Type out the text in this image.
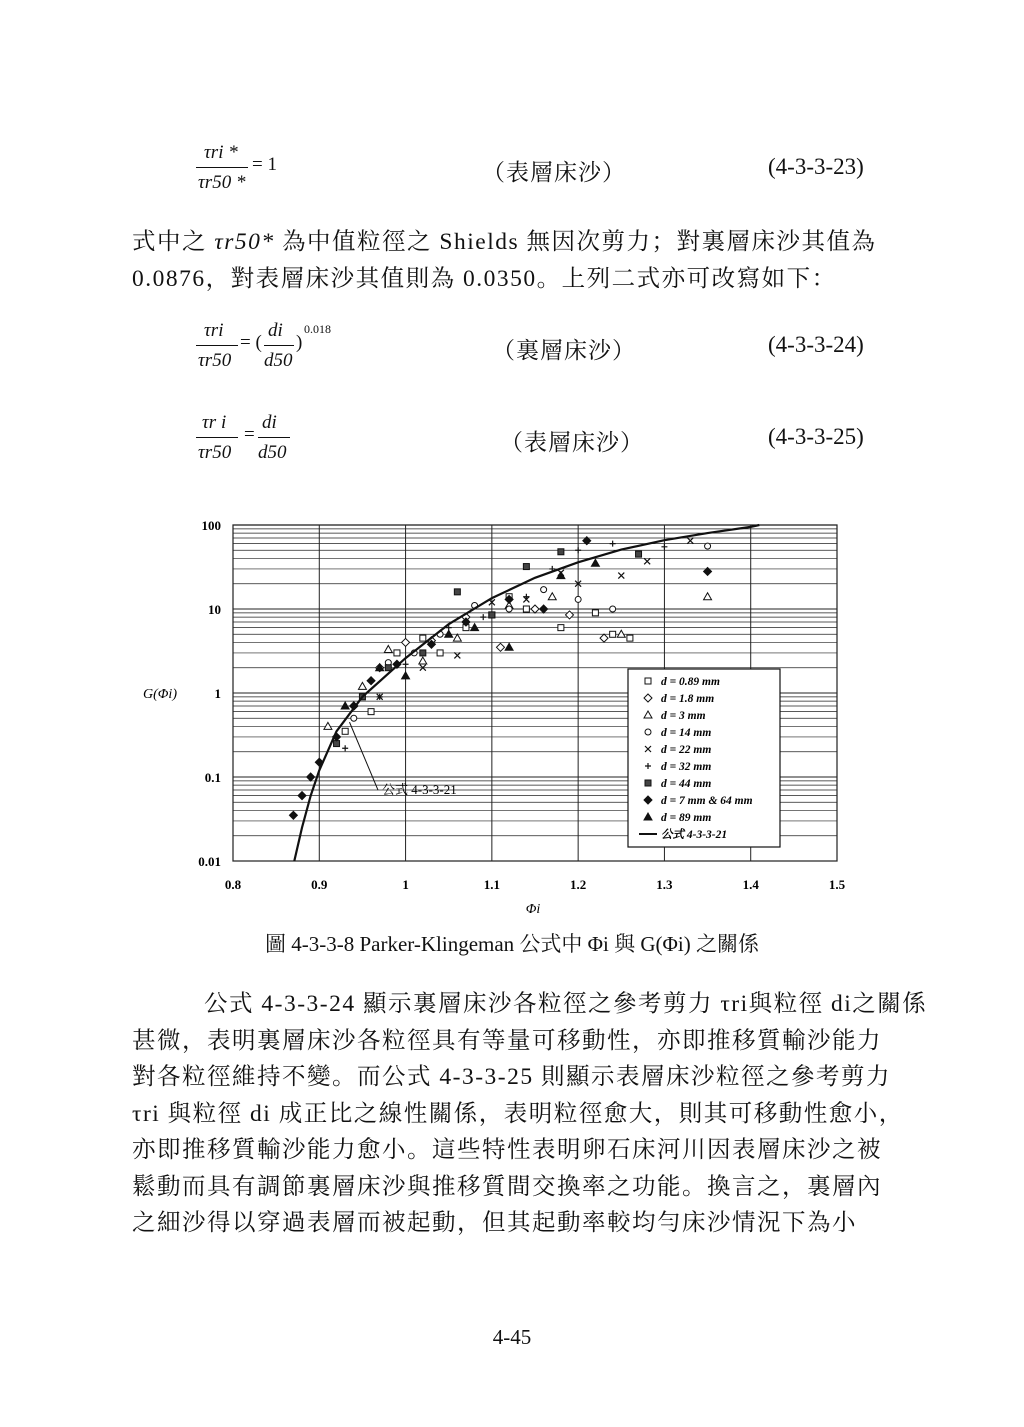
τri *
τr50 *
= 1	（表層床沙）	(4-3-3-23)
式中之 τr50* 為中值粒徑之 Shields 無因次剪力；對裏層床沙其值為
0.0876，對表層床沙其值則為 0.0350。上列二式亦可改寫如下：
τri
τr50
= (
di
d50
)
0.018
（裏層床沙）	(4-3-3-24)
τr i
τr50
=
di
d50	（表層床沙）	(4-3-3-25)
0.01
0.1
1
10
100
0.8	0.9	1	1.1	1.2	1.3	1.4	1.5
Φi
G(Φi)
公式 4-3-3-21
d = 0.89 mm
d = 1.8 mm
d = 3 mm
d = 14 mm
d = 22 mm
d = 32 mm
d = 44 mm
d = 7 mm & 64 mm
d = 89 mm
公式 4-3-3-21
圖 4-3-3-8 Parker-Klingeman 公式中 Φi 與 G(Φi) 之關係
公式 4-3-3-24 顯示裏層床沙各粒徑之參考剪力 τri與粒徑 di之關係
甚微，表明裏層床沙各粒徑具有等量可移動性，亦即推移質輸沙能力
對各粒徑維持不變。而公式 4-3-3-25 則顯示表層床沙粒徑之參考剪力
τri 與粒徑 di 成正比之線性關係，表明粒徑愈大，則其可移動性愈小，
亦即推移質輸沙能力愈小。這些特性表明卵石床河川因表層床沙之被
鬆動而具有調節裏層床沙與推移質間交換率之功能。換言之，裏層內
之細沙得以穿過表層而被起動，但其起動率較均勻床沙情況下為小
4-45
